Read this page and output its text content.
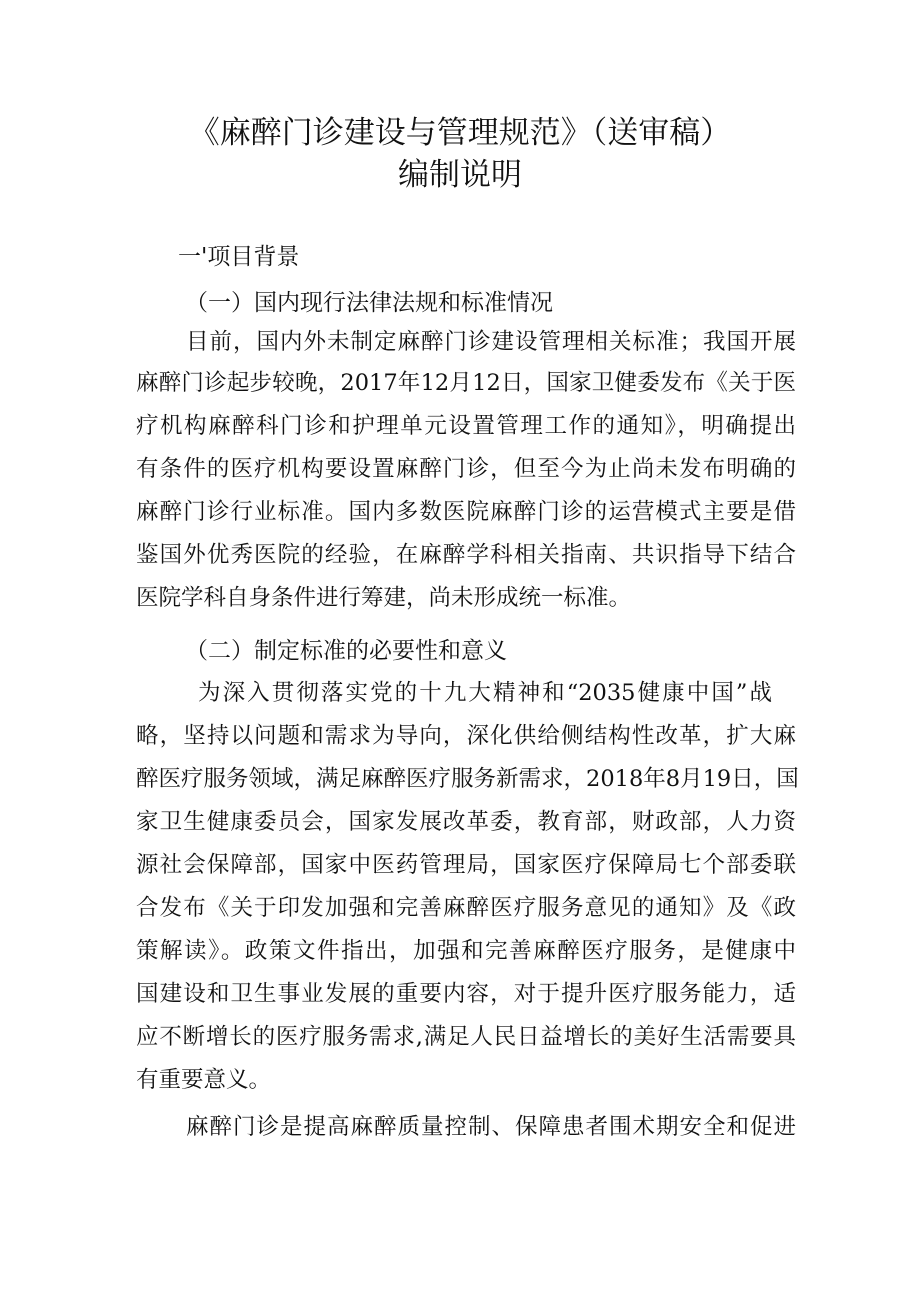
《麻醉门诊建设与管理规范》（送审稿）
编制说明
一'项目背景
（一）国内现行法律法规和标准情况
目前，国内外未制定麻醉门诊建设管理相关标准；我国开展
麻醉门诊起步较晚，2017年12月12日，国家卫健委发布《关于医
疗机构麻醉科门诊和护理单元设置管理工作的通知》，明确提出
有条件的医疗机构要设置麻醉门诊，但至今为止尚未发布明确的
麻醉门诊行业标准。国内多数医院麻醉门诊的运营模式主要是借
鉴国外优秀医院的经验，在麻醉学科相关指南、共识指导下结合
医院学科自身条件进行筹建，尚未形成统一标准。
（二）制定标准的必要性和意义
为深入贯彻落实党的十九大精神和“2035健康中国”战
略，坚持以问题和需求为导向，深化供给侧结构性改革，扩大麻
醉医疗服务领域，满足麻醉医疗服务新需求，2018年8月19日，国
家卫生健康委员会，国家发展改革委，教育部，财政部，人力资
源社会保障部，国家中医药管理局，国家医疗保障局七个部委联
合发布《关于印发加强和完善麻醉医疗服务意见的通知》及《政
策解读》。政策文件指出，加强和完善麻醉医疗服务，是健康中
国建设和卫生事业发展的重要内容，对于提升医疗服务能力，适
应不断增长的医疗服务需求,满足人民日益增长的美好生活需要具
有重要意义。
麻醉门诊是提高麻醉质量控制、保障患者围术期安全和促进
